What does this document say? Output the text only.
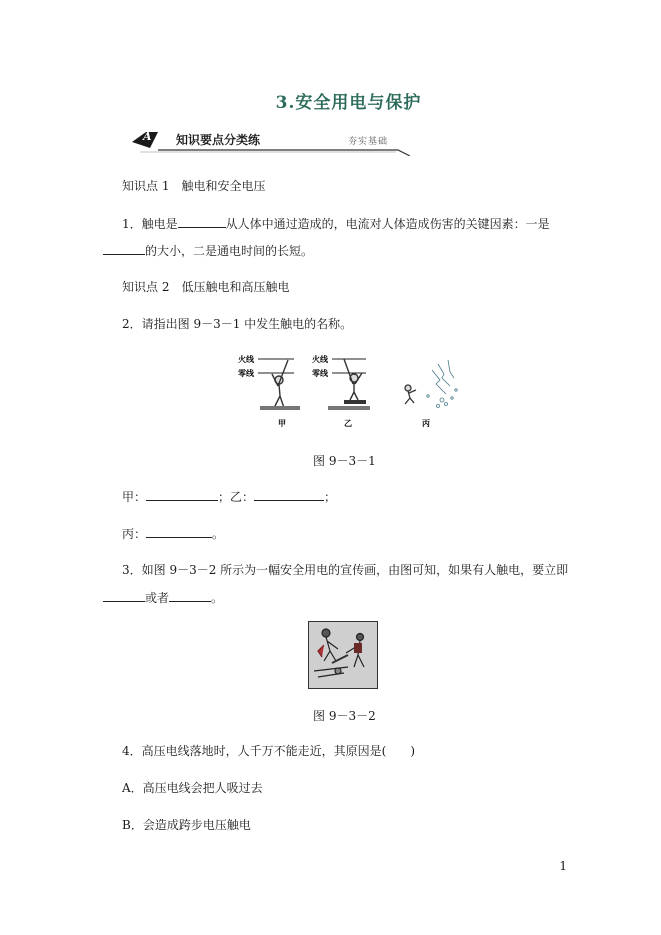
3.安全用电与保护
A 知识要点分类练	夯实基础
知识点 1　触电和安全电压
1．触电是	从人体中通过造成的，电流对人体造成伤害的关键因素：一是
的大小，二是通电时间的长短。
知识点 2　低压触电和高压触电
2．请指出图 9－3－1 中发生触电的名称。
火线
零线
火线
零线
甲	乙	丙
图 9－3－1
甲：	；乙：	；
丙：	。
3．如图 9－3－2 所示为一幅安全用电的宣传画，由图可知，如果有人触电，要立即
或者	。
图 9－3－2
4．高压电线落地时，人千万不能走近，其原因是(　　)
A．高压电线会把人吸过去
B．会造成跨步电压触电
1
